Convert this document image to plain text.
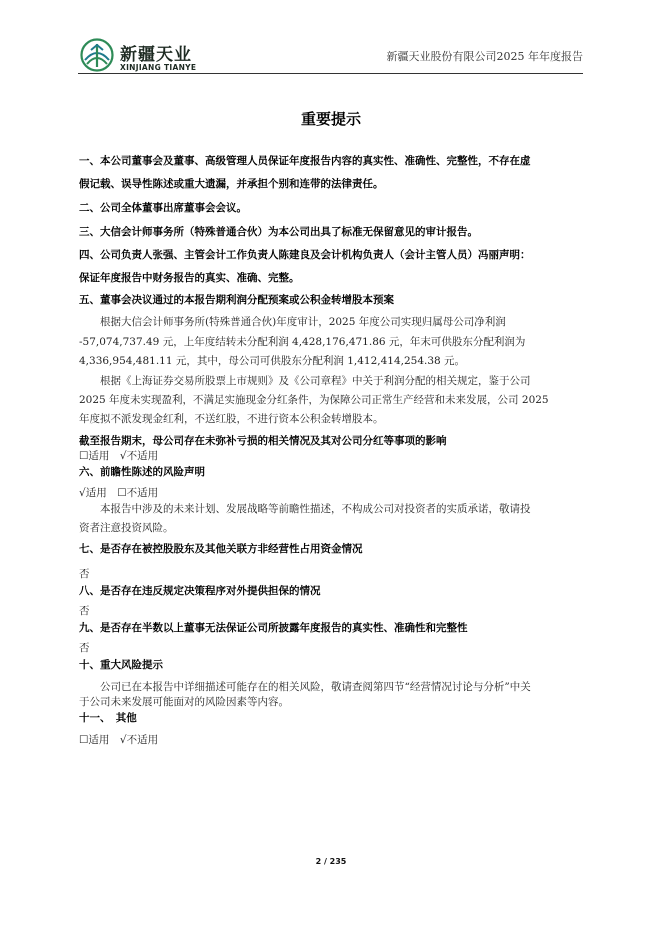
新疆天业
XINJIANG TIANYE
新疆天业股份有限公司2025 年年度报告
重要提示
一、本公司董事会及董事、高级管理人员保证年度报告内容的真实性、准确性、完整性，不存在虚
假记载、误导性陈述或重大遗漏，并承担个别和连带的法律责任。
二、公司全体董事出席董事会会议。
三、大信会计师事务所（特殊普通合伙）为本公司出具了标准无保留意见的审计报告。
四、公司负责人张强、主管会计工作负责人陈建良及会计机构负责人（会计主管人员）冯丽声明：
保证年度报告中财务报告的真实、准确、完整。
五、董事会决议通过的本报告期利润分配预案或公积金转增股本预案
　　根据大信会计师事务所(特殊普通合伙)年度审计，2025 年度公司实现归属母公司净利润
-57,074,737.49 元，上年度结转未分配利润 4,428,176,471.86 元，年末可供股东分配利润为
4,336,954,481.11 元，其中，母公司可供股东分配利润 1,412,414,254.38 元。
　　根据《上海证券交易所股票上市规则》及《公司章程》中关于利润分配的相关规定，鉴于公司
2025 年度未实现盈利，不满足实施现金分红条件，为保障公司正常生产经营和未来发展，公司 2025
年度拟不派发现金红利，不送红股，不进行资本公积金转增股本。
截至报告期末，母公司存在未弥补亏损的相关情况及其对公司分红等事项的影响
☐适用　√不适用
六、前瞻性陈述的风险声明
√适用　☐不适用
　　本报告中涉及的未来计划、发展战略等前瞻性描述，不构成公司对投资者的实质承诺，敬请投
资者注意投资风险。
七、是否存在被控股股东及其他关联方非经营性占用资金情况
否
八、是否存在违反规定决策程序对外提供担保的情况
否
九、是否存在半数以上董事无法保证公司所披露年度报告的真实性、准确性和完整性
否
十、重大风险提示
　　公司已在本报告中详细描述可能存在的相关风险，敬请查阅第四节“经营情况讨论与分析”中关
于公司未来发展可能面对的风险因素等内容。
十一、　其他
☐适用　√不适用
2 / 235
